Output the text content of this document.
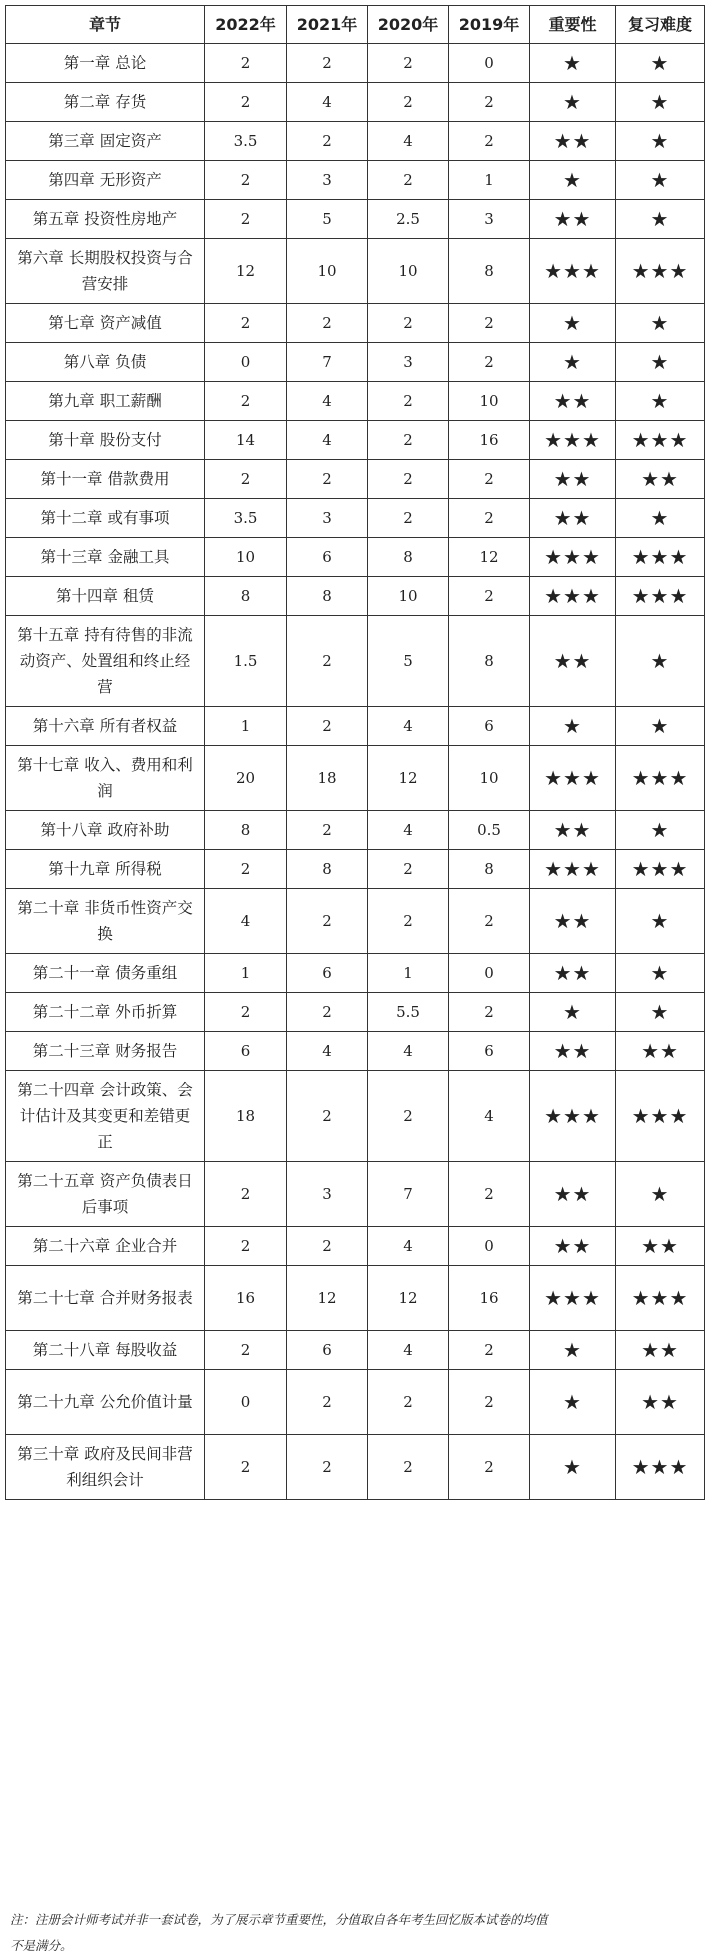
章节	2022年	2021年	2020年	2019年	重要性	复习难度
第一章 总论	2	2	2	0	★	★
第二章 存货	2	4	2	2	★	★
第三章 固定资产	3.5	2	4	2	★★	★
第四章 无形资产	2	3	2	1	★	★
第五章 投资性房地产	2	5	2.5	3	★★	★
第六章 长期股权投资与合营安排	12	10	10	8	★★★	★★★
第七章 资产减值	2	2	2	2	★	★
第八章 负债	0	7	3	2	★	★
第九章 职工薪酬	2	4	2	10	★★	★
第十章 股份支付	14	4	2	16	★★★	★★★
第十一章 借款费用	2	2	2	2	★★	★★
第十二章 或有事项	3.5	3	2	2	★★	★
第十三章 金融工具	10	6	8	12	★★★	★★★
第十四章 租赁	8	8	10	2	★★★	★★★
第十五章 持有待售的非流动资产、处置组和终止经营	1.5	2	5	8	★★	★
第十六章 所有者权益	1	2	4	6	★	★
第十七章 收入、费用和利润	20	18	12	10	★★★	★★★
第十八章 政府补助	8	2	4	0.5	★★	★
第十九章 所得税	2	8	2	8	★★★	★★★
第二十章 非货币性资产交换	4	2	2	2	★★	★
第二十一章 债务重组	1	6	1	0	★★	★
第二十二章 外币折算	2	2	5.5	2	★	★
第二十三章 财务报告	6	4	4	6	★★	★★
第二十四章 会计政策、会计估计及其变更和差错更正	18	2	2	4	★★★	★★★
第二十五章 资产负债表日后事项	2	3	7	2	★★	★
第二十六章 企业合并	2	2	4	0	★★	★★
第二十七章 合并财务报表	16	12	12	16	★★★	★★★
第二十八章 每股收益	2	6	4	2	★	★★
第二十九章 公允价值计量	0	2	2	2	★	★★
第三十章 政府及民间非营利组织会计	2	2	2	2	★	★★★
注：注册会计师考试并非一套试卷，为了展示章节重要性，分值取自各年考生回忆版本试卷的均值
不是满分。
